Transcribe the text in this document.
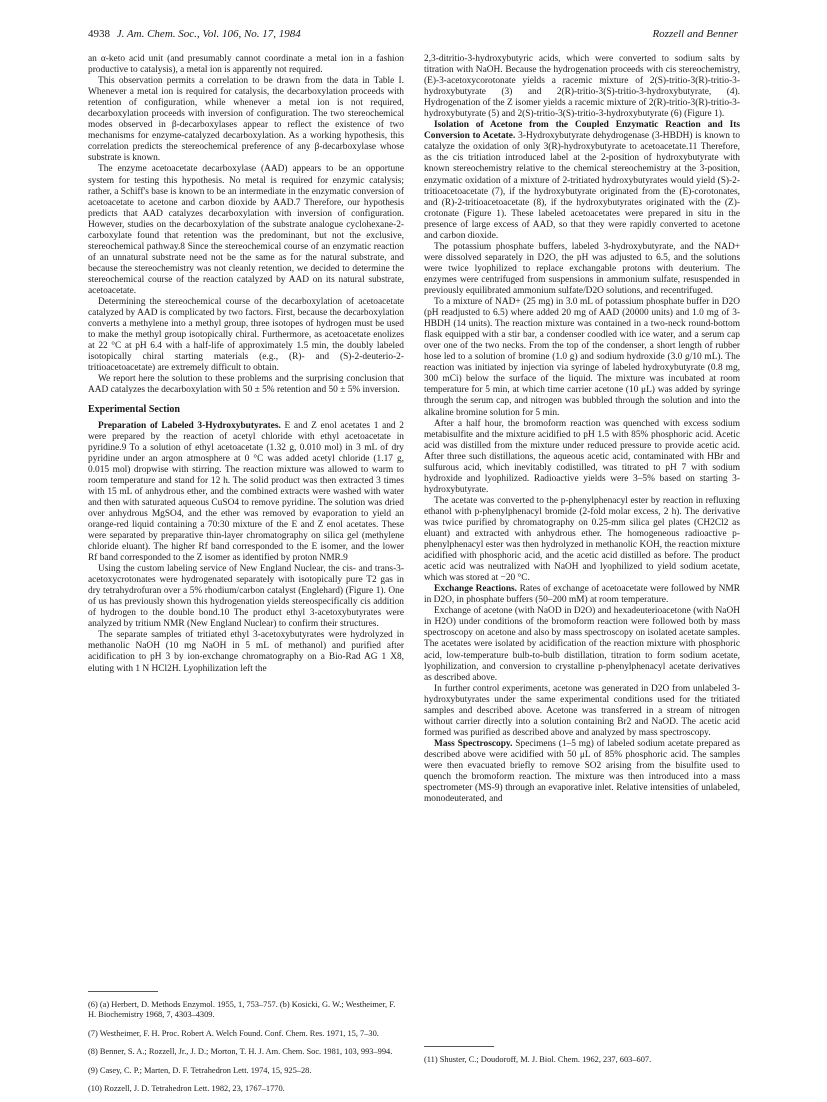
4938 J. Am. Chem. Soc., Vol. 106, No. 17, 1984	Rozzell and Benner

an α-keto acid unit (and presumably cannot coordinate a metal ion in a fashion productive to catalysis), a metal ion is apparently not required.

This observation permits a correlation to be drawn from the data in Table I. Whenever a metal ion is required for catalysis, the decarboxylation proceeds with retention of configuration, while whenever a metal ion is not required, decarboxylation proceeds with inversion of configuration. The two stereochemical modes observed in β-decarboxylases appear to reflect the existence of two mechanisms for enzyme-catalyzed decarboxylation. As a working hypothesis, this correlation predicts the stereochemical preference of any β-decarboxylase whose substrate is known.

The enzyme acetoacetate decarboxylase (AAD) appears to be an opportune system for testing this hypothesis. No metal is required for enzymic catalysis; rather, a Schiff's base is known to be an intermediate in the enzymatic conversion of acetoacetate to acetone and carbon dioxide by AAD.7 Therefore, our hypothesis predicts that AAD catalyzes decarboxylation with inversion of configuration. However, studies on the decarboxylation of the substrate analogue cyclohexane-2-carboxylate found that retention was the predominant, but not the exclusive, stereochemical pathway.8 Since the stereochemical course of an enzymatic reaction of an unnatural substrate need not be the same as for the natural substrate, and because the stereochemistry was not cleanly retention, we decided to determine the stereochemical course of the reaction catalyzed by AAD on its natural substrate, acetoacetate.

Determining the stereochemical course of the decarboxylation of acetoacetate catalyzed by AAD is complicated by two factors. First, because the decarboxylation converts a methylene into a methyl group, three isotopes of hydrogen must be used to make the methyl group isotopically chiral. Furthermore, as acetoacetate enolizes at 22 °C at pH 6.4 with a half-life of approximately 1.5 min, the doubly labeled isotopically chiral starting materials (e.g., (R)- and (S)-2-deuterio-2-tritioacetoacetate) are extremely difficult to obtain.

We report here the solution to these problems and the surprising conclusion that AAD catalyzes the decarboxylation with 50 ± 5% retention and 50 ± 5% inversion.

Experimental Section

Preparation of Labeled 3-Hydroxybutyrates. E and Z enol acetates 1 and 2 were prepared by the reaction of acetyl chloride with ethyl acetoacetate in pyridine.9 To a solution of ethyl acetoacetate (1.32 g, 0.010 mol) in 3 mL of dry pyridine under an argon atmosphere at 0 °C was added acetyl chloride (1.17 g, 0.015 mol) dropwise with stirring. The reaction mixture was allowed to warm to room temperature and stand for 12 h. The solid product was then extracted 3 times with 15 mL of anhydrous ether, and the combined extracts were washed with water and then with saturated aqueous CuSO4 to remove pyridine. The solution was dried over anhydrous MgSO4, and the ether was removed by evaporation to yield an orange-red liquid containing a 70:30 mixture of the E and Z enol acetates. These were separated by preparative thin-layer chromatography on silica gel (methylene chloride eluant). The higher Rf band corresponded to the E isomer, and the lower Rf band corresponded to the Z isomer as identified by proton NMR.9

Using the custom labeling service of New England Nuclear, the cis- and trans-3-acetoxycrotonates were hydrogenated separately with isotopically pure T2 gas in dry tetrahydrofuran over a 5% rhodium/carbon catalyst (Englehard) (Figure 1). One of us has previously shown this hydrogenation yields stereospecifically cis addition of hydrogen to the double bond.10 The product ethyl 3-acetoxybutyrates were analyzed by tritium NMR (New England Nuclear) to confirm their structures.

The separate samples of tritiated ethyl 3-acetoxybutyrates were hydrolyzed in methanolic NaOH (10 mg NaOH in 5 mL of methanol) and purified after acidification to pH 3 by ion-exchange chromatography on a Bio-Rad AG 1 X8, eluting with 1 N HCl2H. Lyophilization left the

(6) (a) Herbert, D. Methods Enzymol. 1955, 1, 753–757. (b) Kosicki, G. W.; Westheimer, F. H. Biochemistry 1968, 7, 4303–4309.

(7) Westheimer, F. H. Proc. Robert A. Welch Found. Conf. Chem. Res. 1971, 15, 7–30.

(8) Benner, S. A.; Rozzell, Jr., J. D.; Morton, T. H. J. Am. Chem. Soc. 1981, 103, 993–994.

(9) Casey, C. P.; Marten, D. F. Tetrahedron Lett. 1974, 15, 925–28.

(10) Rozzell, J. D. Tetrahedron Lett. 1982, 23, 1767–1770.

2,3-ditritio-3-hydroxybutyric acids, which were converted to sodium salts by titration with NaOH. Because the hydrogenation proceeds with cis stereochemistry, (E)-3-acetoxycorotonate yields a racemic mixture of 2(S)-tritio-3(R)-tritio-3-hydroxybutyrate (3) and 2(R)-tritio-3(S)-tritio-3-hydroxybutyrate, (4). Hydrogenation of the Z isomer yields a racemic mixture of 2(R)-tritio-3(R)-tritio-3-hydroxybutyrate (5) and 2(S)-tritio-3(S)-tritio-3-hydroxybutyrate (6) (Figure 1).

Isolation of Acetone from the Coupled Enzymatic Reaction and Its Conversion to Acetate. 3-Hydroxybutyrate dehydrogenase (3-HBDH) is known to catalyze the oxidation of only 3(R)-hydroxybutyrate to acetoacetate.11 Therefore, as the cis tritiation introduced label at the 2-position of hydroxybutyrate with known stereochemistry relative to the chemical stereochemistry at the 3-position, enzymatic oxidation of a mixture of 2-tritiated hydroxybutyrates would yield (S)-2-tritioacetoacetate (7), if the hydroxybutyrate originated from the (E)-corotonates, and (R)-2-tritioacetoacetate (8), if the hydroxybutyrates originated with the (Z)-crotonate (Figure 1). These labeled acetoacetates were prepared in situ in the presence of large excess of AAD, so that they were rapidly converted to acetone and carbon dioxide.

The potassium phosphate buffers, labeled 3-hydroxybutyrate, and the NAD+ were dissolved separately in D2O, the pH was adjusted to 6.5, and the solutions were twice lyophilized to replace exchangable protons with deuterium. The enzymes were centrifuged from suspensions in ammonium sulfate, resuspended in previously equilibrated ammonium sulfate/D2O solutions, and recentrifuged.

To a mixture of NAD+ (25 mg) in 3.0 mL of potassium phosphate buffer in D2O (pH readjusted to 6.5) where added 20 mg of AAD (20000 units) and 1.0 mg of 3-HBDH (14 units). The reaction mixture was contained in a two-neck round-bottom flask equipped with a stir bar, a condenser coodled with ice water, and a serum cap over one of the two necks. From the top of the condenser, a short length of rubber hose led to a solution of bromine (1.0 g) and sodium hydroxide (3.0 g/10 mL). The reaction was initiated by injection via syringe of labeled hydroxybutyrate (0.8 mg, 300 mCi) below the surface of the liquid. The mixture was incubated at room temperature for 5 min, at which time carrier acetone (10 μL) was added by syringe through the serum cap, and nitrogen was bubbled through the solution and into the alkaline bromine solution for 5 min.

After a half hour, the bromoform reaction was quenched with excess sodium metabisulfite and the mixture acidified to pH 1.5 with 85% phosphoric acid. Acetic acid was distilled from the mixture under reduced pressure to provide acetic acid. After three such distillations, the aqueous acetic acid, contaminated with HBr and sulfurous acid, which inevitably codistilled, was titrated to pH 7 with sodium hydroxide and lyophilized. Radioactive yields were 3–5% based on starting 3-hydroxybutyrate.

The acetate was converted to the p-phenylphenacyl ester by reaction in refluxing ethanol with p-phenylphenacyl bromide (2-fold molar excess, 2 h). The derivative was twice purified by chromatography on 0.25-mm silica gel plates (CH2Cl2 as eluant) and extracted with anhydrous ether. The homogeneous radioactive p-phenylphenacyl ester was then hydrolyzed in methanolic KOH, the reaction mixture acidified with phosphoric acid, and the acetic acid distilled as before. The product acetic acid was neutralized with NaOH and lyophilized to yield sodium acetate, which was stored at −20 °C.

Exchange Reactions. Rates of exchange of acetoacetate were followed by NMR in D2O, in phosphate buffers (50–200 mM) at room temperature.

Exchange of acetone (with NaOD in D2O) and hexadeuterioacetone (with NaOH in H2O) under conditions of the bromoform reaction were followed both by mass spectroscopy on acetone and also by mass spectroscopy on isolated acetate samples. The acetates were isolated by acidification of the reaction mixture with phosphoric acid, low-temperature bulb-to-bulb distillation, titration to form sodium acetate, lyophilization, and conversion to crystalline p-phenylphenacyl acetate derivatives as described above.

In further control experiments, acetone was generated in D2O from unlabeled 3-hydroxybutyrates under the same experimental conditions used for the tritiated samples and described above. Acetone was transferred in a stream of nitrogen without carrier directly into a solution containing Br2 and NaOD. The acetic acid formed was purified as described above and analyzed by mass spectroscopy.

Mass Spectroscopy. Specimens (1–5 mg) of labeled sodium acetate prepared as described above were acidified with 50 μL of 85% phosphoric acid. The samples were then evacuated briefly to remove SO2 arising from the bisulfite used to quench the bromoform reaction. The mixture was then introduced into a mass spectrometer (MS-9) through an evaporative inlet. Relative intensities of unlabeled, monodeuterated, and

(11) Shuster, C.; Doudoroff, M. J. Biol. Chem. 1962, 237, 603–607.
